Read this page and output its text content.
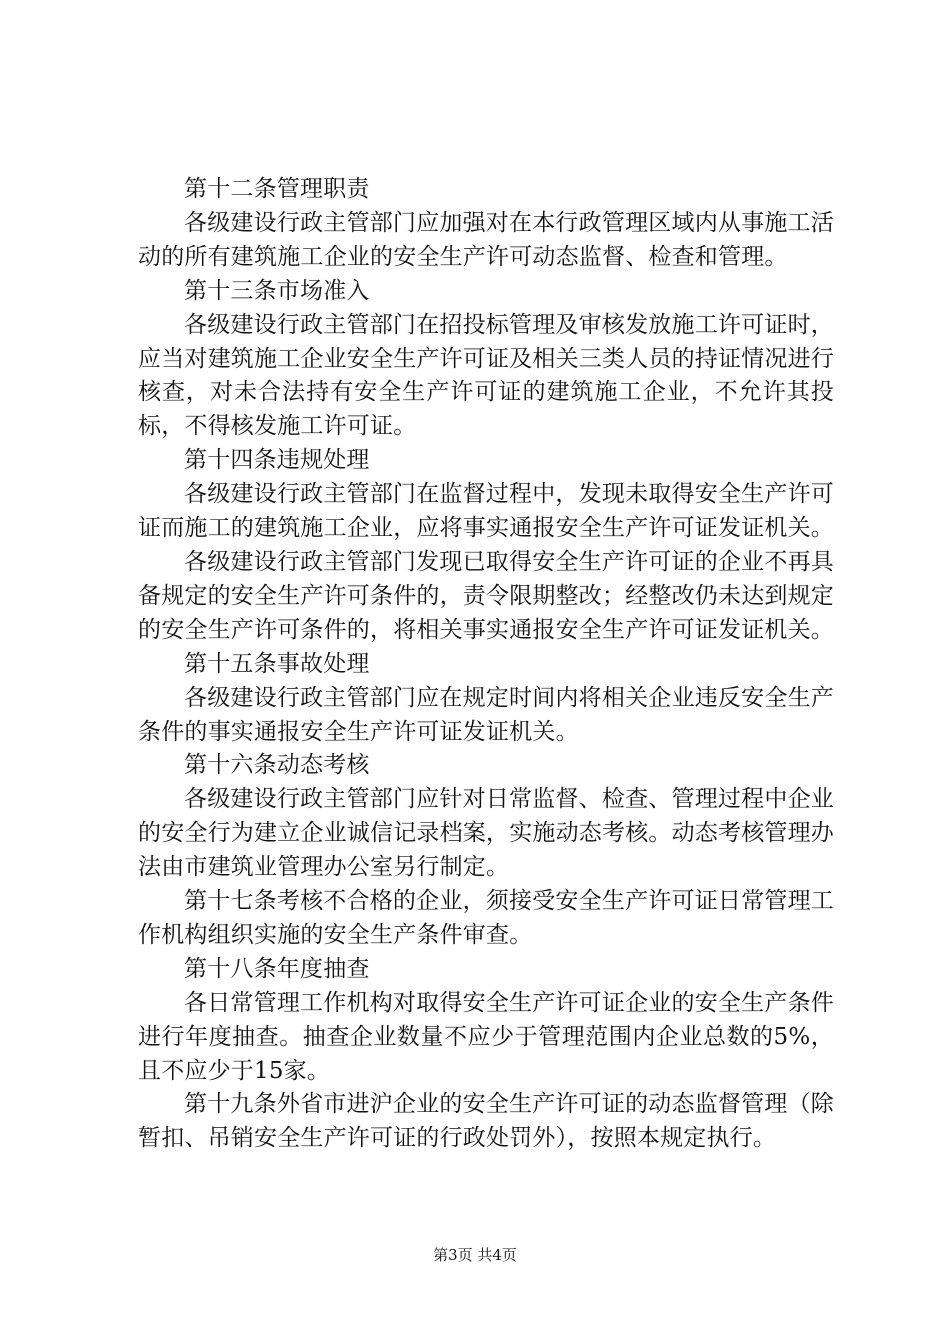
第十二条管理职责

各级建设行政主管部门应加强对在本行政管理区域内从事施工活动的所有建筑施工企业的安全生产许可动态监督、检查和管理。

第十三条市场准入

各级建设行政主管部门在招投标管理及审核发放施工许可证时，应当对建筑施工企业安全生产许可证及相关三类人员的持证情况进行核查，对未合法持有安全生产许可证的建筑施工企业，不允许其投标，不得核发施工许可证。

第十四条违规处理

各级建设行政主管部门在监督过程中，发现未取得安全生产许可证而施工的建筑施工企业，应将事实通报安全生产许可证发证机关。

各级建设行政主管部门发现已取得安全生产许可证的企业不再具备规定的安全生产许可条件的，责令限期整改；经整改仍未达到规定的安全生产许可条件的，将相关事实通报安全生产许可证发证机关。

第十五条事故处理

各级建设行政主管部门应在规定时间内将相关企业违反安全生产条件的事实通报安全生产许可证发证机关。

第十六条动态考核

各级建设行政主管部门应针对日常监督、检查、管理过程中企业的安全行为建立企业诚信记录档案，实施动态考核。动态考核管理办法由市建筑业管理办公室另行制定。

第十七条考核不合格的企业，须接受安全生产许可证日常管理工作机构组织实施的安全生产条件审查。

第十八条年度抽查

各日常管理工作机构对取得安全生产许可证企业的安全生产条件进行年度抽查。抽查企业数量不应少于管理范围内企业总数的5%，且不应少于15家。

第十九条外省市进沪企业的安全生产许可证的动态监督管理（除暂扣、吊销安全生产许可证的行政处罚外），按照本规定执行。

第3页 共4页
